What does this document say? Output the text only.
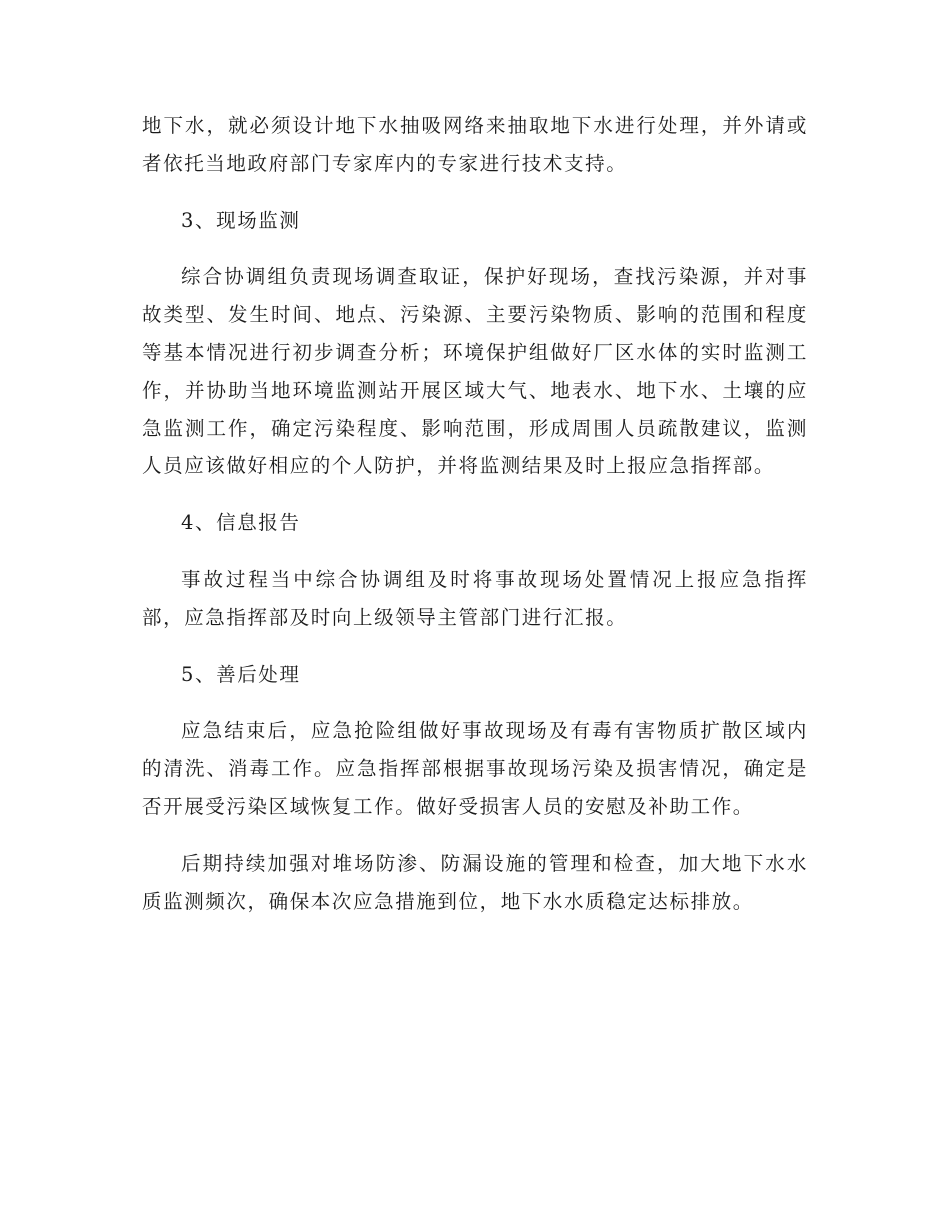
地下水，就必须设计地下水抽吸网络来抽取地下水进行处理，并外请或者依托当地政府部门专家库内的专家进行技术支持。

3、现场监测

综合协调组负责现场调查取证，保护好现场，查找污染源，并对事故类型、发生时间、地点、污染源、主要污染物质、影响的范围和程度等基本情况进行初步调查分析；环境保护组做好厂区水体的实时监测工作，并协助当地环境监测站开展区域大气、地表水、地下水、土壤的应急监测工作，确定污染程度、影响范围，形成周围人员疏散建议，监测人员应该做好相应的个人防护，并将监测结果及时上报应急指挥部。

4、信息报告

事故过程当中综合协调组及时将事故现场处置情况上报应急指挥部，应急指挥部及时向上级领导主管部门进行汇报。

5、善后处理

应急结束后，应急抢险组做好事故现场及有毒有害物质扩散区域内的清洗、消毒工作。应急指挥部根据事故现场污染及损害情况，确定是否开展受污染区域恢复工作。做好受损害人员的安慰及补助工作。

后期持续加强对堆场防渗、防漏设施的管理和检查，加大地下水水质监测频次，确保本次应急措施到位，地下水水质稳定达标排放。
